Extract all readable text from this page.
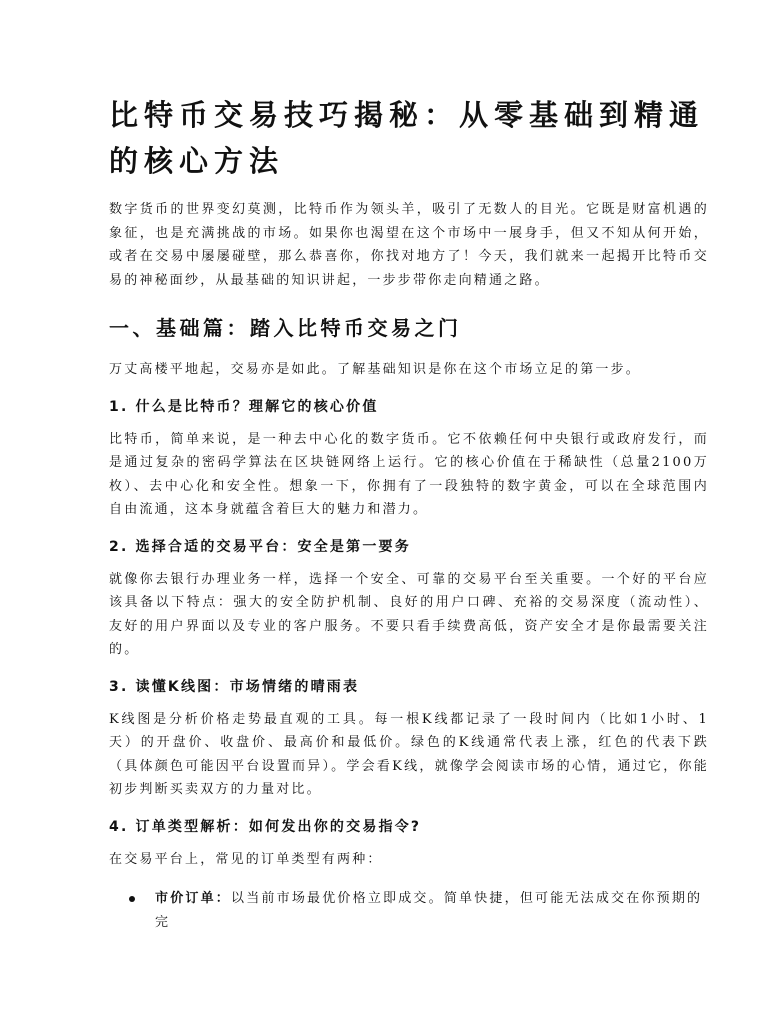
比特币交易技巧揭秘：从零基础到精通的核心方法

数字货币的世界变幻莫测，比特币作为领头羊，吸引了无数人的目光。它既是财富机遇的象征，也是充满挑战的市场。如果你也渴望在这个市场中一展身手，但又不知从何开始，或者在交易中屡屡碰壁，那么恭喜你，你找对地方了！今天，我们就来一起揭开比特币交易的神秘面纱，从最基础的知识讲起，一步步带你走向精通之路。

一、基础篇：踏入比特币交易之门

万丈高楼平地起，交易亦是如此。了解基础知识是你在这个市场立足的第一步。

1. 什么是比特币？理解它的核心价值

比特币，简单来说，是一种去中心化的数字货币。它不依赖任何中央银行或政府发行，而是通过复杂的密码学算法在区块链网络上运行。它的核心价值在于稀缺性（总量2100万枚）、去中心化和安全性。想象一下，你拥有了一段独特的数字黄金，可以在全球范围内自由流通，这本身就蕴含着巨大的魅力和潜力。

2. 选择合适的交易平台：安全是第一要务

就像你去银行办理业务一样，选择一个安全、可靠的交易平台至关重要。一个好的平台应该具备以下特点：强大的安全防护机制、良好的用户口碑、充裕的交易深度（流动性）、友好的用户界面以及专业的客户服务。不要只看手续费高低，资产安全才是你最需要关注的。

3. 读懂K线图：市场情绪的晴雨表

K线图是分析价格走势最直观的工具。每一根K线都记录了一段时间内（比如1小时、1天）的开盘价、收盘价、最高价和最低价。绿色的K线通常代表上涨，红色的代表下跌（具体颜色可能因平台设置而异）。学会看K线，就像学会阅读市场的心情，通过它，你能初步判断买卖双方的力量对比。

4. 订单类型解析：如何发出你的交易指令?

在交易平台上，常见的订单类型有两种：

市价订单：以当前市场最优价格立即成交。简单快捷，但可能无法成交在你预期的完
